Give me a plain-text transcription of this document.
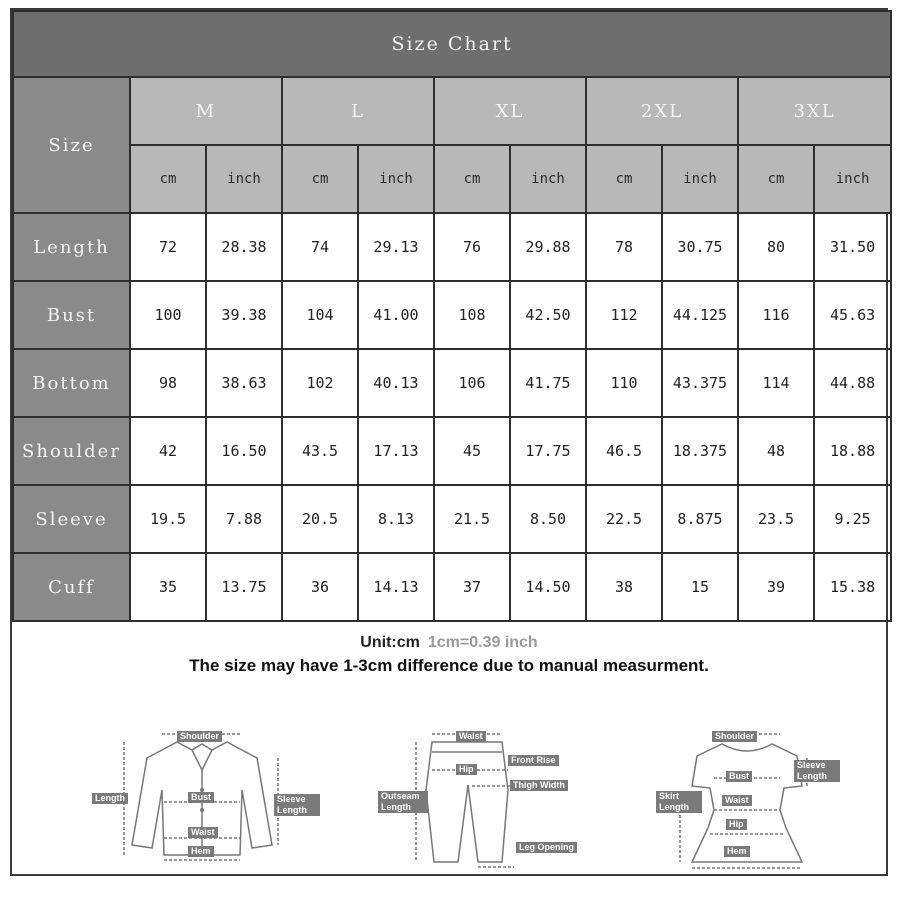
Size Chart										
Size	M		L		XL		2XL		3XL	
	cm	inch	cm	inch	cm	inch	cm	inch	cm	inch
Length	72	28.38	74	29.13	76	29.88	78	30.75	80	31.50
Bust	100	39.38	104	41.00	108	42.50	112	44.125	116	45.63
Bottom	98	38.63	102	40.13	106	41.75	110	43.375	114	44.88
Shoulder	42	16.50	43.5	17.13	45	17.75	46.5	18.375	48	18.88
Sleeve	19.5	7.88	20.5	8.13	21.5	8.50	22.5	8.875	23.5	9.25
Cuff	35	13.75	36	14.13	37	14.50	38	15	39	15.38
Unit:cm 1cm=0.39 inch
The size may have 1-3cm difference due to manual measurment.
Shoulder
Length	Bust	Sleeve Length
Waist
Hem
Waist
Front Rise
Hip
Thigh Width
Outseam Length
Leg Opening
Shoulder
Sleeve Length
Bust
Skirt Length
Waist
Hip
Hem
